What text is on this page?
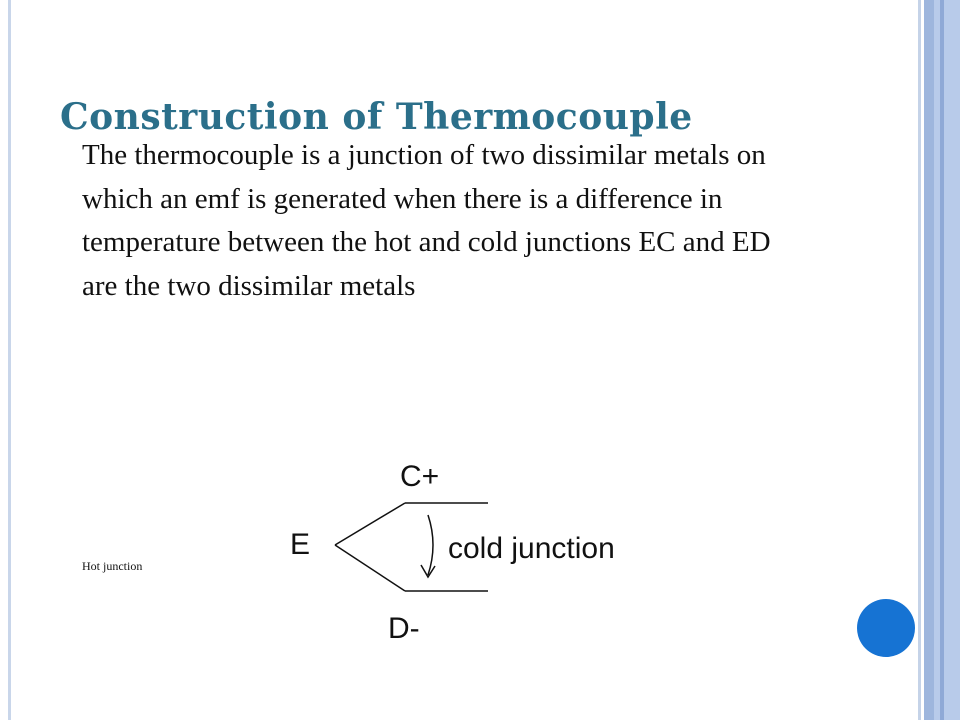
Construction of Thermocouple

The thermocouple is a junction of two dissimilar metals on which an emf is generated when there is a difference in temperature between the hot and cold junctions EC and ED are the two dissimilar metals

Hot junction

C+
E	cold junction
D-
